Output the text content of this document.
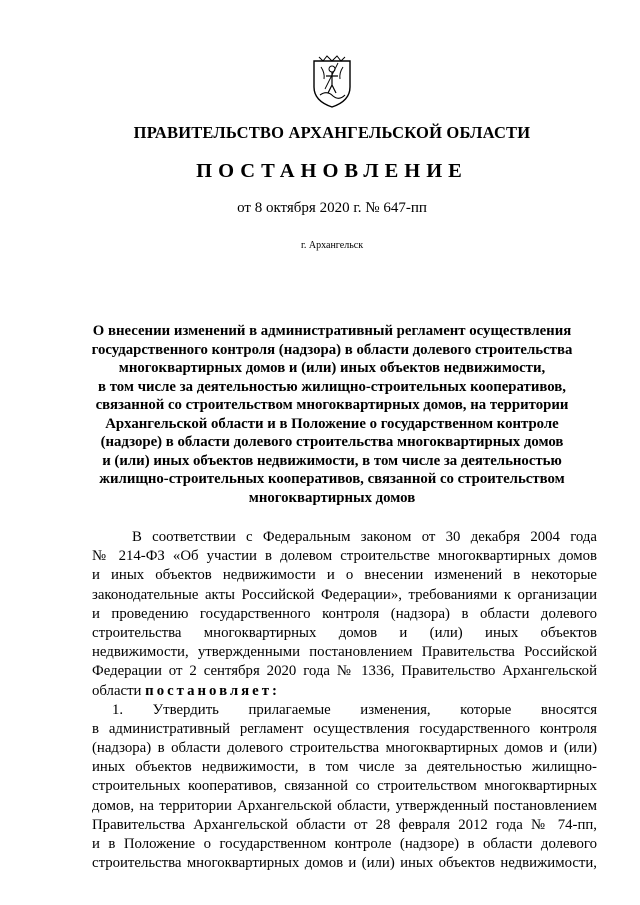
ПРАВИТЕЛЬСТВО АРХАНГЕЛЬСКОЙ ОБЛАСТИ
ПОСТАНОВЛЕНИЕ
от 8 октября 2020 г. № 647-пп
г. Архангельск
О внесении изменений в административный регламент осуществления
государственного контроля (надзора) в области долевого строительства
многоквартирных домов и (или) иных объектов недвижимости,
в том числе за деятельностью жилищно-строительных кооперативов,
связанной со строительством многоквартирных домов, на территории
Архангельской области и в Положение о государственном контроле
(надзоре) в области долевого строительства многоквартирных домов
и (или) иных объектов недвижимости, в том числе за деятельностью
жилищно-строительных кооперативов, связанной со строительством
многоквартирных домов
В соответствии с Федеральным законом от 30 декабря 2004 года
№ 214-ФЗ «Об участии в долевом строительстве многоквартирных домов
и иных объектов недвижимости и о внесении изменений в некоторые
законодательные акты Российской Федерации», требованиями к организации
и проведению государственного контроля (надзора) в области долевого
строительства многоквартирных домов и (или) иных объектов
недвижимости, утвержденными постановлением Правительства Российской
Федерации от 2 сентября 2020 года № 1336, Правительство Архангельской
области постановляет:
1. Утвердить прилагаемые изменения, которые вносятся
в административный регламент осуществления государственного контроля
(надзора) в области долевого строительства многоквартирных домов и (или)
иных объектов недвижимости, в том числе за деятельностью жилищно-
строительных кооперативов, связанной со строительством многоквартирных
домов, на территории Архангельской области, утвержденный постановлением
Правительства Архангельской области от 28 февраля 2012 года № 74-пп,
и в Положение о государственном контроле (надзоре) в области долевого
строительства многоквартирных домов и (или) иных объектов недвижимости,
